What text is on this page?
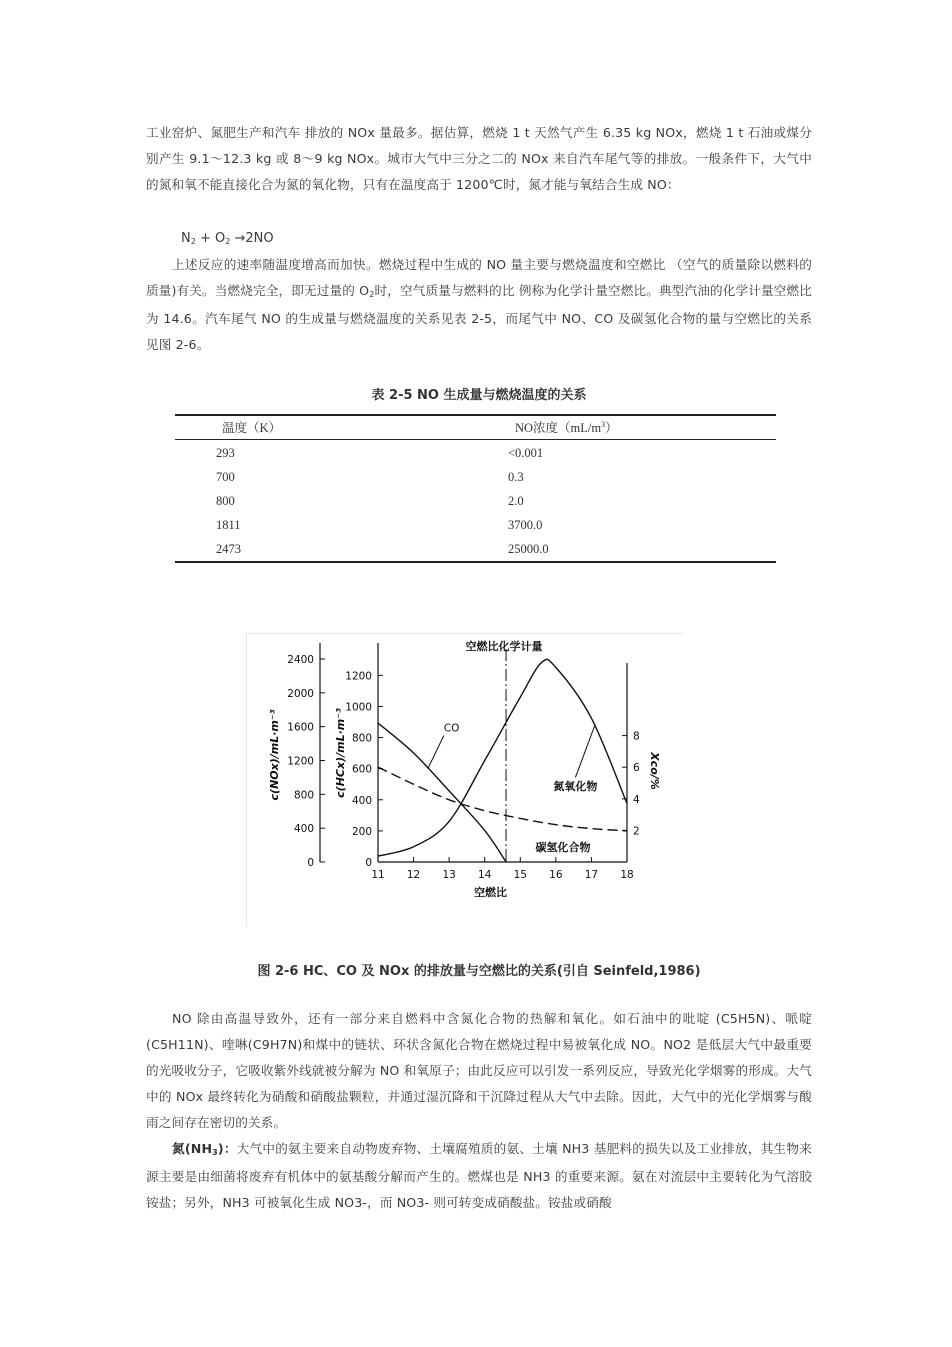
工业窑炉、氮肥生产和汽车 排放的 NOx 量最多。据估算，燃烧 1 t 天然气产生 6.35 kg NOx，燃烧 1 t 石油或煤分别产生 9.1～12.3 kg 或 8～9 kg NOx。城市大气中三分之二的 NOx 来自汽车尾气等的排放。一般条件下，大气中的氮和氧不能直接化合为氮的氧化物，只有在温度高于 1200℃时，氮才能与氧结合生成 NO：

N2 + O2 →2NO

上述反应的速率随温度增高而加快。燃烧过程中生成的 NO 量主要与燃烧温度和空燃比 （空气的质量除以燃料的质量)有关。当燃烧完全，即无过量的 O2时，空气质量与燃料的比 例称为化学计量空燃比。典型汽油的化学计量空燃比为 14.6。汽车尾气 NO 的生成量与燃烧温度的关系见表 2-5，而尾气中 NO、CO 及碳氢化合物的量与空燃比的关系见图 2-6。

表 2-5 NO 生成量与燃烧温度的关系
温度（K）	NO浓度$(mL/m^3)$
293	<0.001
700	0.3
800	2.0
1811	3700.0
2473	25000.0
11 12 13 14 15 16 17 18
空燃比
0
400
800
1200
1600
2000
2400
0
200
400
600
800
1000
1200
2
4
6
8
c(NOx)/mL·m⁻³	c(HCx)/mL·m⁻³	Xco/%
空燃比化学计量
CO
氮氧化物
碳氢化合物
图 2-6 HC、CO 及 NOx 的排放量与空燃比的关系(引自 Seinfeld,1986)

NO 除由高温导致外，还有一部分来自燃料中含氮化合物的热解和氧化。如石油中的吡啶 (C5H5N)、哌啶(C5H11N)、喹啉(C9H7N)和煤中的链状、环状含氮化合物在燃烧过程中易被氧化成 NO。NO2 是低层大气中最重要的光吸收分子，它吸收紫外线就被分解为 NO 和氧原子；由此反应可以引发一系列反应，导致光化学烟雾的形成。大气中的 NOx 最终转化为硝酸和硝酸盐颗粒，并通过湿沉降和干沉降过程从大气中去除。因此，大气中的光化学烟雾与酸雨之间存在密切的关系。

氮(NH3)：大气中的氨主要来自动物废弃物、土壤腐殖质的氨、土壤 NH3 基肥料的损失以及工业排放，其生物来源主要是由细菌将废弃有机体中的氨基酸分解而产生的。燃煤也是 NH3 的重要来源。氨在对流层中主要转化为气溶胶铵盐；另外，NH3 可被氧化生成 NO3-，而 NO3- 则可转变成硝酸盐。铵盐或硝酸
